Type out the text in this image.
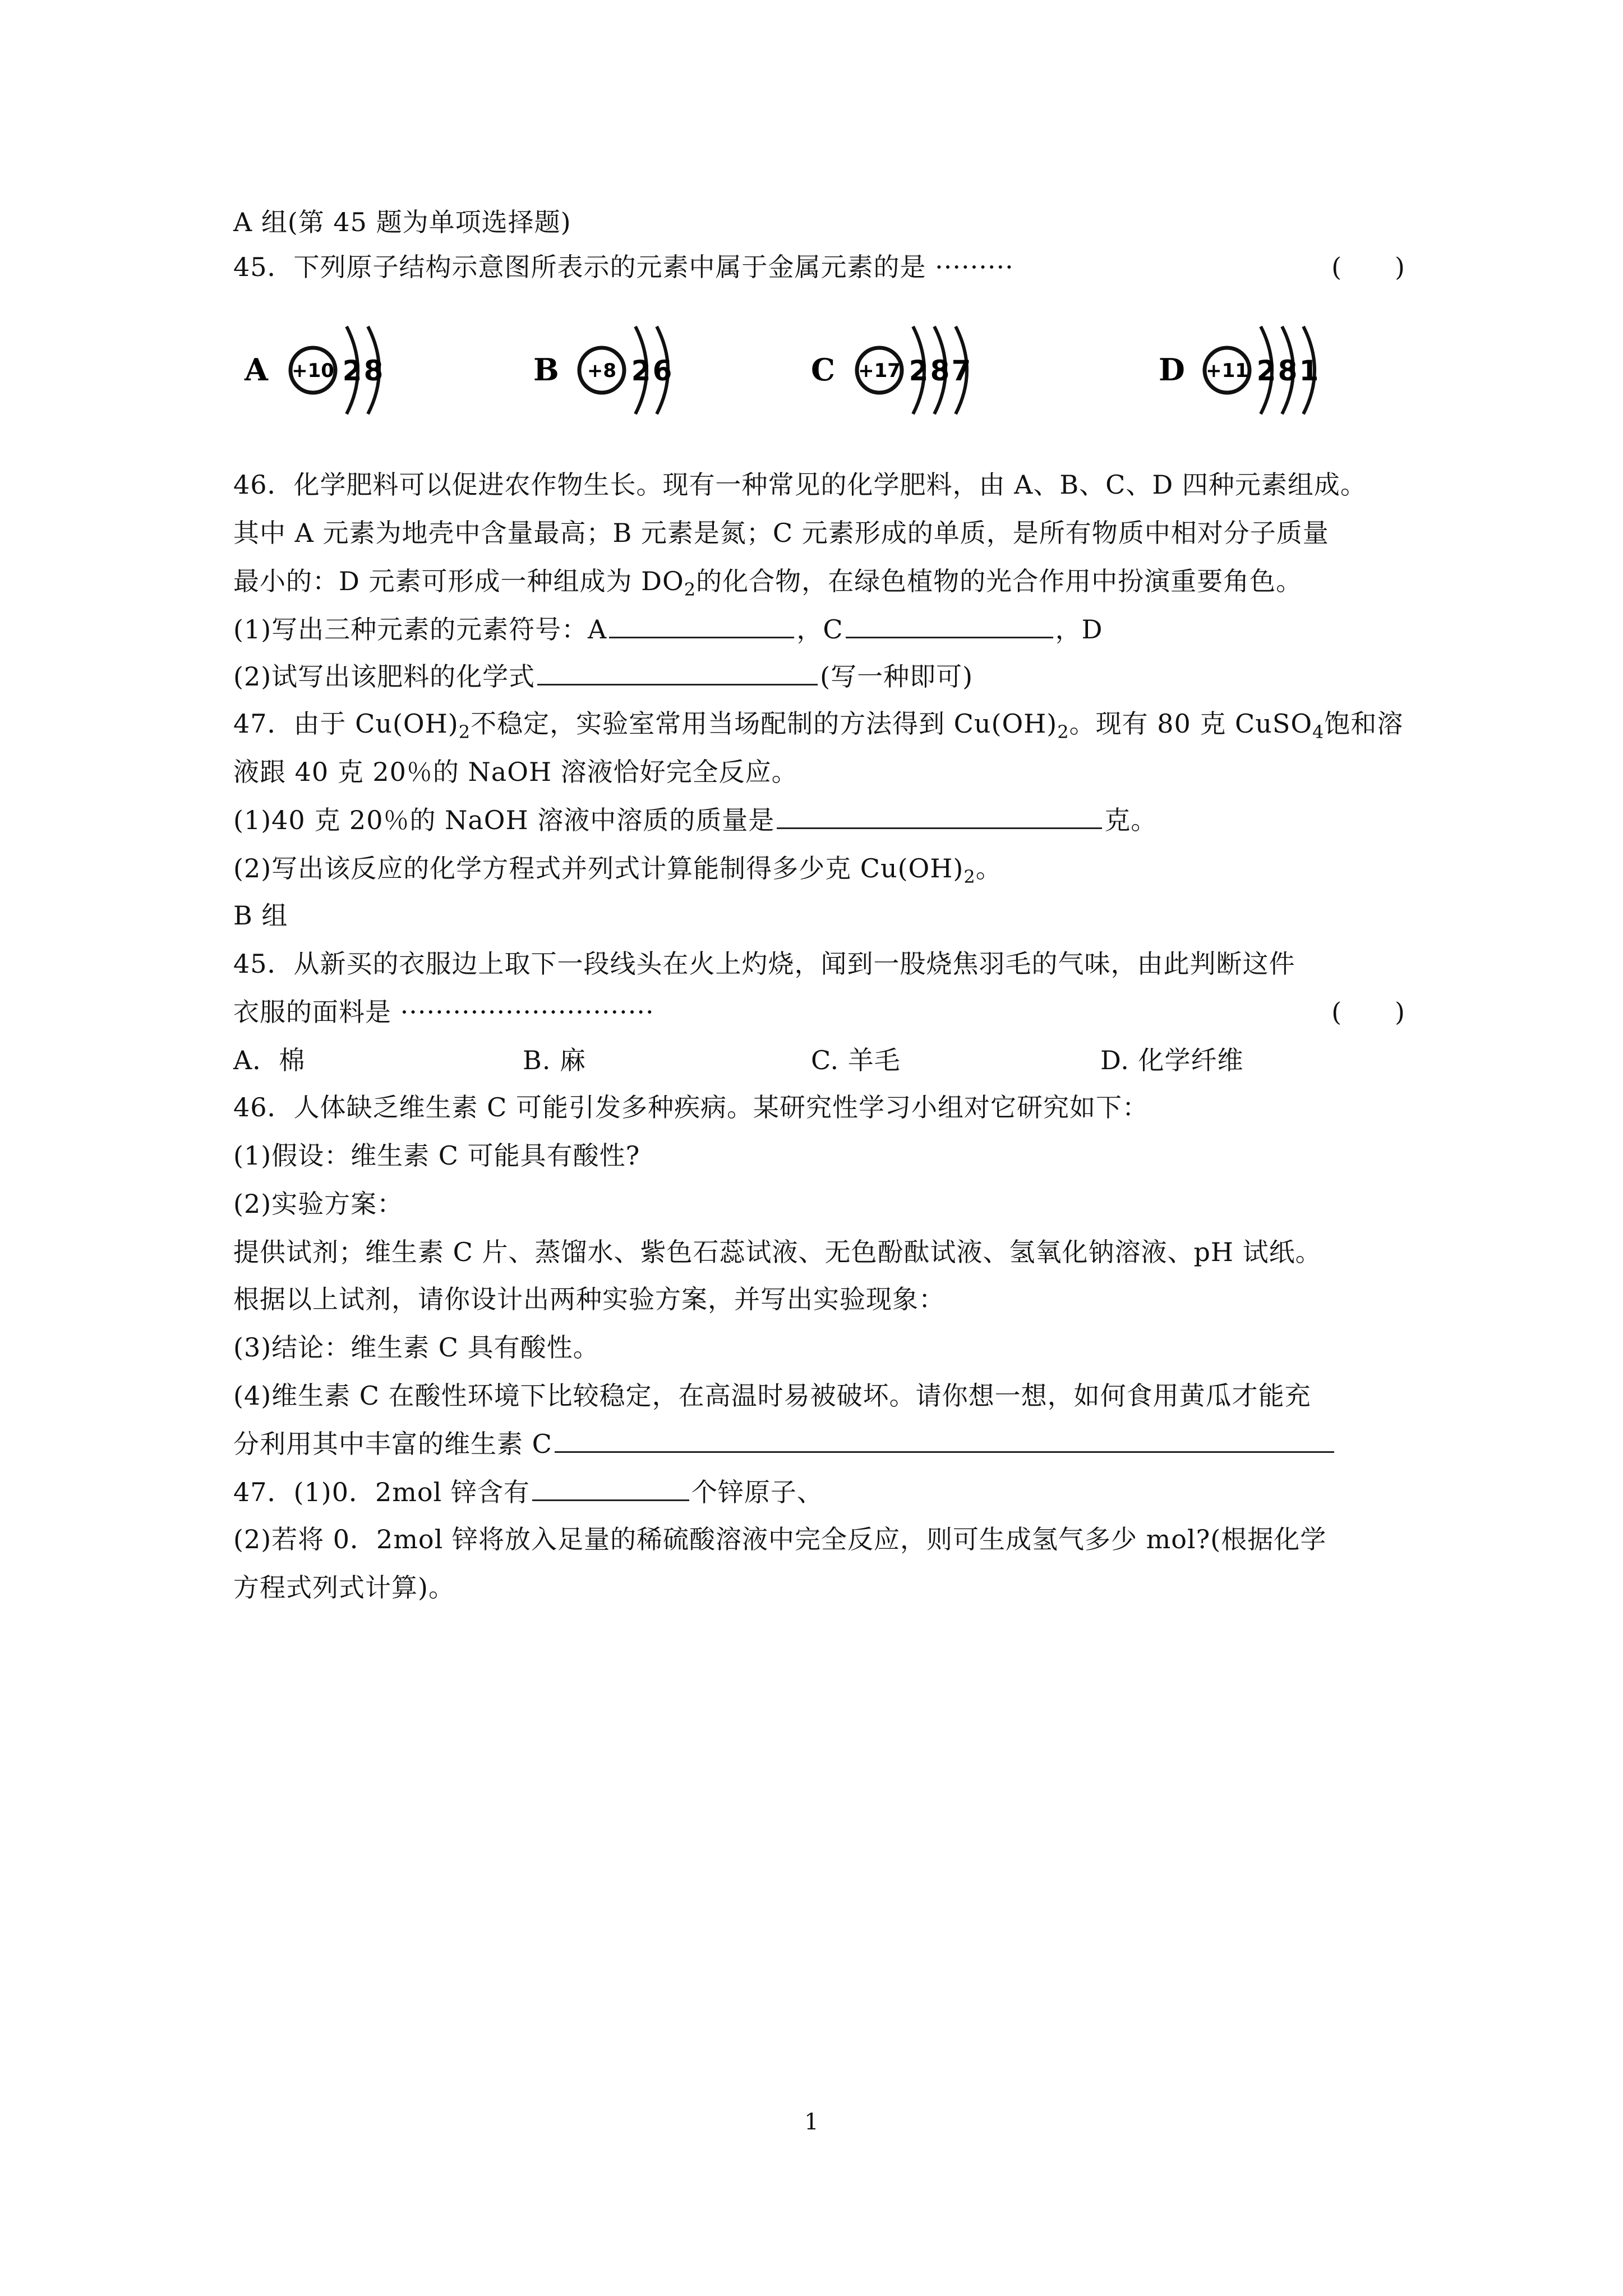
A 组(第 45 题为单项选择题)
45．下列原子结构示意图所表示的元素中属于金属元素的是 ·········	(　　)
A +10 2 8	B +8 2 6	C +17 2 8 7	D +11 2 8 1
46．化学肥料可以促进农作物生长。现有一种常见的化学肥料，由 A、B、C、D 四种元素组成。
其中 A 元素为地壳中含量最高；B 元素是氮；C 元素形成的单质，是所有物质中相对分子质量
最小的：D 元素可形成一种组成为 $DO_2$的化合物，在绿色植物的光合作用中扮演重要角色。
(1)写出三种元素的元素符号：A	，C	，D
(2)试写出该肥料的化学式	(写一种即可)
47．由于 $Cu(OH)_2$不稳定，实验室常用当场配制的方法得到 $Cu(OH)_2$。现有 80 克 CuSO$_4$饱和溶
液跟 40 克 20％的 NaOH 溶液恰好完全反应。
(1)40 克 20％的 NaOH 溶液中溶质的质量是	克。
(2)写出该反应的化学方程式并列式计算能制得多少克 $Cu(OH)_2$。
B 组
45．从新买的衣服边上取下一段线头在火上灼烧，闻到一股烧焦羽毛的气味，由此判断这件
衣服的面料是 ·····························	(　　)
A．棉	B. 麻	C. 羊毛	D. 化学纤维
46．人体缺乏维生素 C 可能引发多种疾病。某研究性学习小组对它研究如下：
(1)假设：维生素 C 可能具有酸性?
(2)实验方案：
提供试剂；维生素 C 片、蒸馏水、紫色石蕊试液、无色酚酞试液、氢氧化钠溶液、pH 试纸。
根据以上试剂，请你设计出两种实验方案，并写出实验现象：
(3)结论：维生素 C 具有酸性。
(4)维生素 C 在酸性环境下比较稳定，在高温时易被破坏。请你想一想，如何食用黄瓜才能充
分利用其中丰富的维生素 C
47．(1)0．2mol 锌含有	个锌原子、
(2)若将 0．2mol 锌将放入足量的稀硫酸溶液中完全反应，则可生成氢气多少 mol?(根据化学
方程式列式计算)。
1
